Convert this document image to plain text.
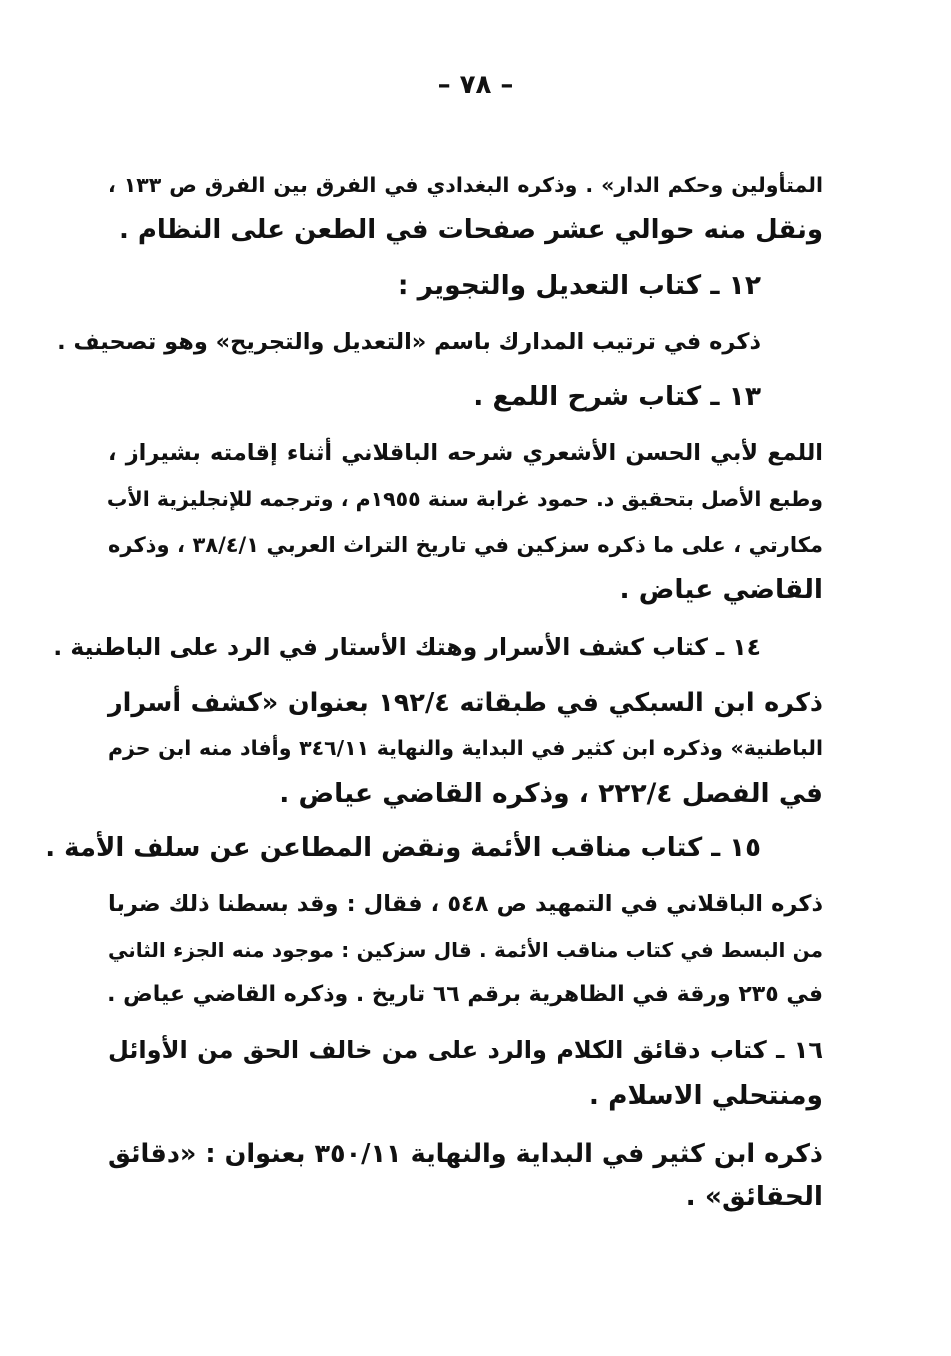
– ٧٨ –
المتأولين وحكم الدار» . وذكره البغدادي في الفرق بين الفرق ص ١٣٣ ،
ونقل منه حوالي عشر صفحات في الطعن على النظام .
١٢ ـ كتاب التعديل والتجوير :
ذكره في ترتيب المدارك باسم «التعديل والتجريح» وهو تصحيف .
١٣ ـ كتاب شرح اللمع .
اللمع لأبي الحسن الأشعري شرحه الباقلاني أثناء إقامته بشيراز ،
وطبع الأصل بتحقيق د. حمود غرابة سنة ١٩٥٥م ، وترجمه للإنجليزية الأب
مكارتي ، على ما ذكره سزكين في تاريخ التراث العربي ٣٨/٤/١ ، وذكره
القاضي عياض .
١٤ ـ كتاب كشف الأسرار وهتك الأستار في الرد على الباطنية .
ذكره ابن السبكي في طبقاته ١٩٢/٤ بعنوان «كشف أسرار
الباطنية» وذكره ابن كثير في البداية والنهاية ٣٤٦/١١ وأفاد منه ابن حزم
في الفصل ٢٢٢/٤ ، وذكره القاضي عياض .
١٥ ـ كتاب مناقب الأئمة ونقض المطاعن عن سلف الأمة .
ذكره الباقلاني في التمهيد ص ٥٤٨ ، فقال : وقد بسطنا ذلك ضربا
من البسط في كتاب مناقب الأئمة . قال سزكين : موجود منه الجزء الثاني
في ٢٣٥ ورقة في الظاهرية برقم ٦٦ تاريخ . وذكره القاضي عياض .
١٦ ـ كتاب دقائق الكلام والرد على من خالف الحق من الأوائل
ومنتحلي الاسلام .
ذكره ابن كثير في البداية والنهاية ٣٥٠/١١ بعنوان : «دقائق
الحقائق» .
